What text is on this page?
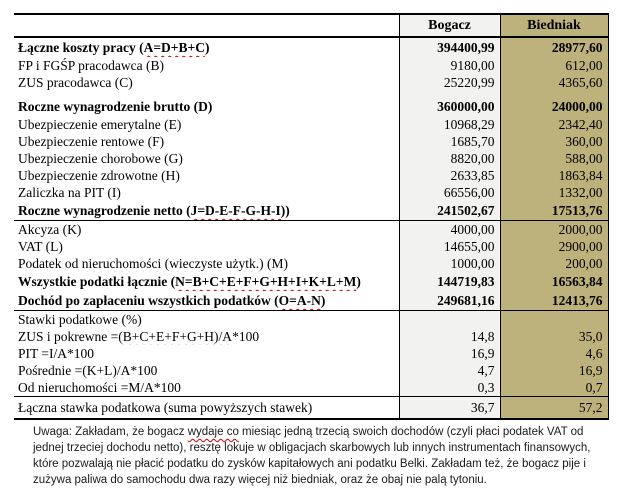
	Bogacz	Biedniak
Łączne koszty pracy (A=D+B+C)	394400,99	28977,60
FP i FGŚP pracodawca (B)	9180,00	612,00
ZUS pracodawca (C)	25220,99	4365,60

Roczne wynagrodzenie brutto (D)	360000,00	24000,00
Ubezpieczenie emerytalne (E)	10968,29	2342,40
Ubezpieczenie rentowe (F)	1685,70	360,00
Ubezpieczenie chorobowe (G)	8820,00	588,00
Ubezpieczenie zdrowotne (H)	2633,85	1863,84
Zaliczka na PIT (I)	66556,00	1332,00
Roczne wynagrodzenie netto (J=D-E-F-G-H-I))	241502,67	17513,76
Akcyza (K)	4000,00	2000,00
VAT (L)	14655,00	2900,00
Podatek od nieruchomości (wieczyste użytk.) (M)	1000,00	200,00
Wszystkie podatki łącznie (N=B+C+E+F+G+H+I+K+L+M)	144719,83	16563,84
Dochód po zapłaceniu wszystkich podatków (O=A-N)	249681,16	12413,76
Stawki podatkowe (%)		
ZUS i pokrewne =(B+C+E+F+G+H)/A*100	14,8	35,0
PIT =I/A*100	16,9	4,6
Pośrednie =(K+L)/A*100	4,7	16,9
Od nieruchomości =M/A*100	0,3	0,7
Łączna stawka podatkowa (suma powyższych stawek)	36,7	57,2
Uwaga: Zakładam, że bogacz wydaje co miesiąc jedną trzecią swoich dochodów (czyli płaci podatek VAT od jednej trzeciej dochodu netto), resztę lokuje w obligacjach skarbowych lub innych instrumentach finansowych, które pozwalają nie płacić podatku do zysków kapitałowych ani podatku Belki. Zakładam też, że bogacz pije i zużywa paliwa do samochodu dwa razy więcej niż biedniak, oraz że obaj nie palą tytoniu.
